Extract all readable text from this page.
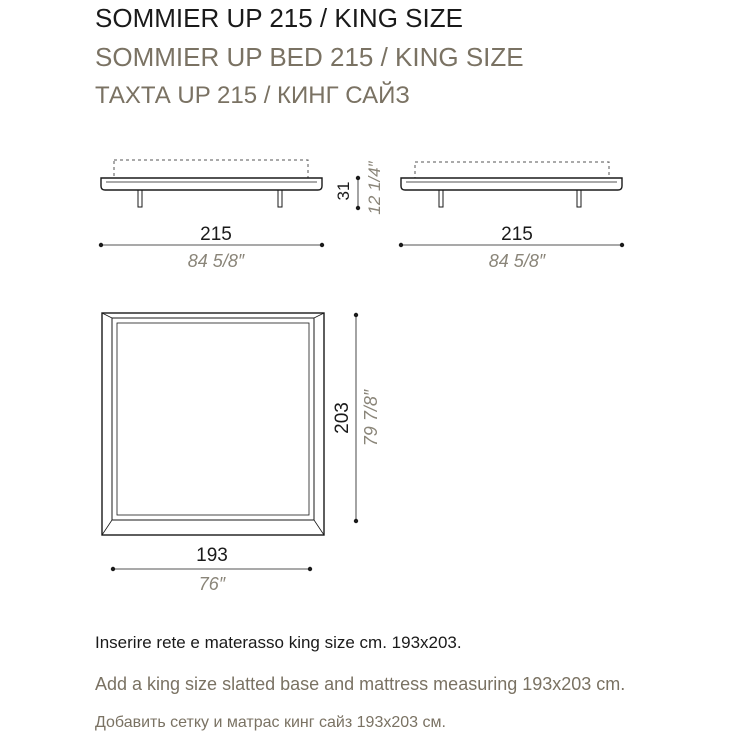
SOMMIER UP 215 / KING SIZE
SOMMIER UP BED 215 / KING SIZE
ТАХТА UP 215 / КИНГ САЙЗ
215
84 5/8″
31 12 1/4″
215
84 5/8″
203 79 7/8″
193
76″
Inserire rete e materasso king size cm. 193x203.
Add a king size slatted base and mattress measuring 193x203 cm.
Добавить сетку и матрас кинг сайз 193x203 см.
